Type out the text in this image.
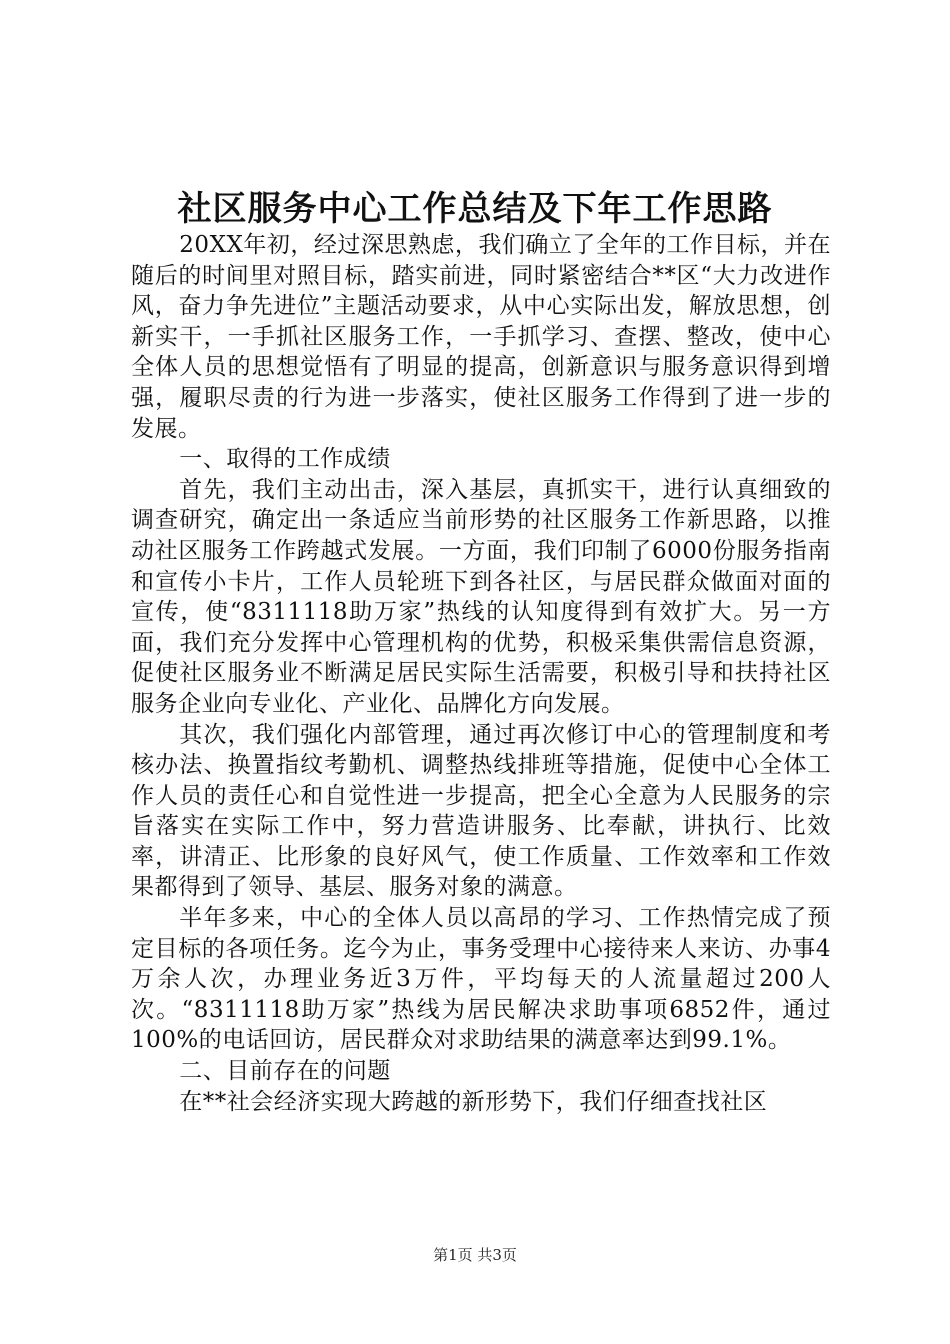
社区服务中心工作总结及下年工作思路

20XX年初，经过深思熟虑，我们确立了全年的工作目标，并在随后的时间里对照目标，踏实前进，同时紧密结合**区“大力改进作风，奋力争先进位”主题活动要求，从中心实际出发，解放思想，创新实干，一手抓社区服务工作，一手抓学习、查摆、整改，使中心全体人员的思想觉悟有了明显的提高，创新意识与服务意识得到增强，履职尽责的行为进一步落实，使社区服务工作得到了进一步的发展。

一、取得的工作成绩

首先，我们主动出击，深入基层，真抓实干，进行认真细致的调查研究，确定出一条适应当前形势的社区服务工作新思路，以推动社区服务工作跨越式发展。一方面，我们印制了6000份服务指南和宣传小卡片，工作人员轮班下到各社区，与居民群众做面对面的宣传，使“8311118助万家”热线的认知度得到有效扩大。另一方面，我们充分发挥中心管理机构的优势，积极采集供需信息资源，促使社区服务业不断满足居民实际生活需要，积极引导和扶持社区服务企业向专业化、产业化、品牌化方向发展。

其次，我们强化内部管理，通过再次修订中心的管理制度和考核办法、换置指纹考勤机、调整热线排班等措施，促使中心全体工作人员的责任心和自觉性进一步提高，把全心全意为人民服务的宗旨落实在实际工作中，努力营造讲服务、比奉献，讲执行、比效率，讲清正、比形象的良好风气，使工作质量、工作效率和工作效果都得到了领导、基层、服务对象的满意。

半年多来，中心的全体人员以高昂的学习、工作热情完成了预定目标的各项任务。迄今为止，事务受理中心接待来人来访、办事4万余人次，办理业务近3万件，平均每天的人流量超过200人次。“8311118助万家”热线为居民解决求助事项6852件，通过100%的电话回访，居民群众对求助结果的满意率达到99.1%。

二、目前存在的问题

在**社会经济实现大跨越的新形势下，我们仔细查找社区

第1页 共3页
